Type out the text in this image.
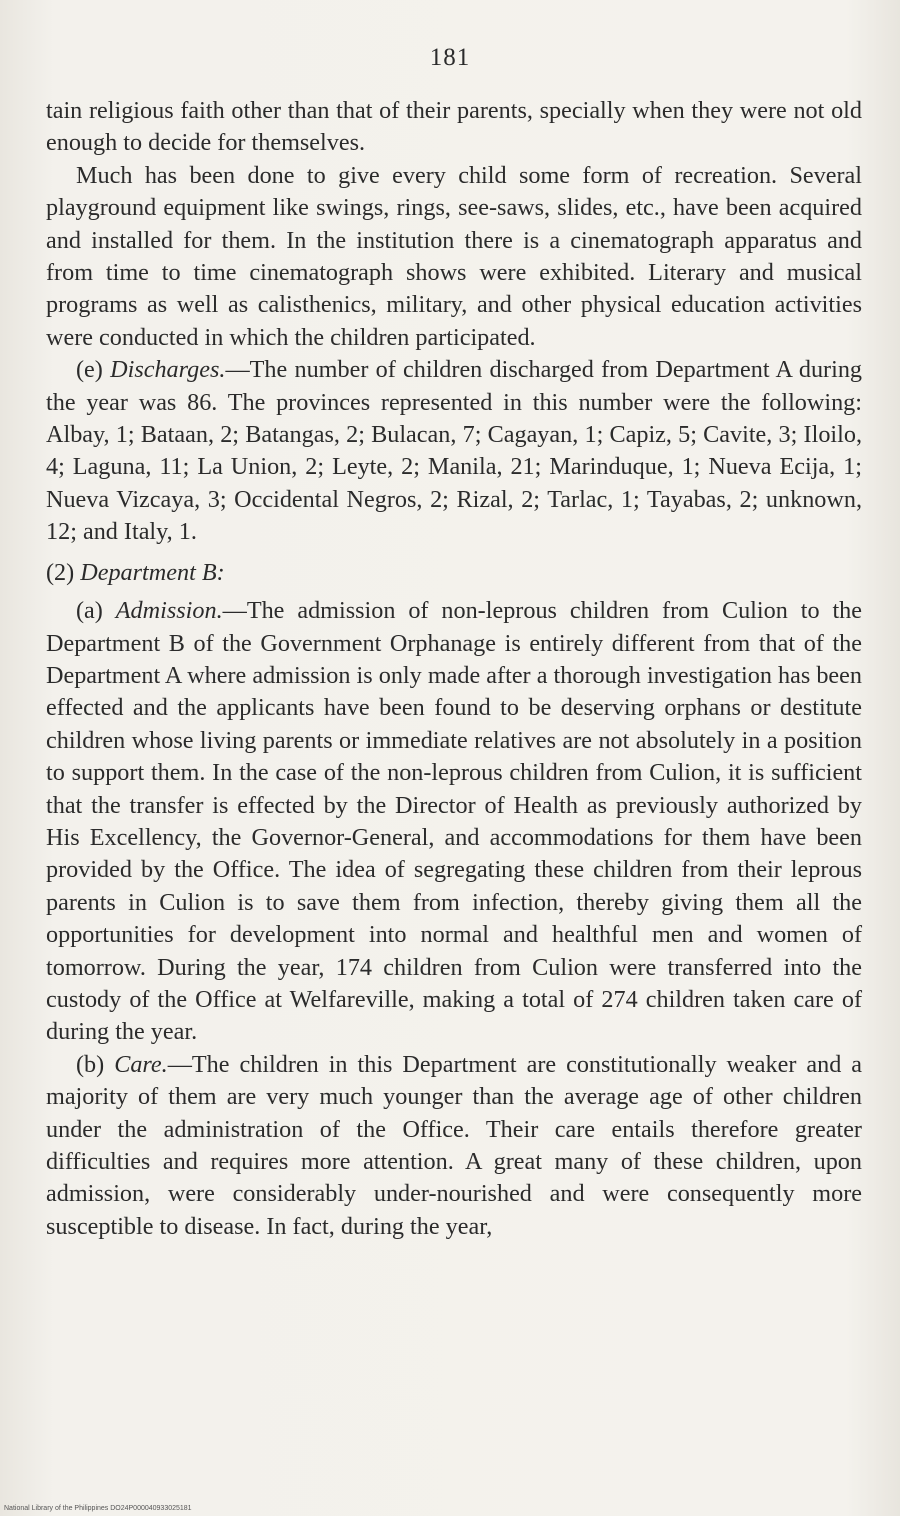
181

tain religious faith other than that of their parents, specially when they were not old enough to decide for themselves.

Much has been done to give every child some form of recreation. Several playground equipment like swings, rings, see-saws, slides, etc., have been acquired and installed for them. In the institution there is a cinematograph apparatus and from time to time cinematograph shows were exhibited. Literary and musical programs as well as calisthenics, military, and other physical education activities were conducted in which the children participated.

(e) Discharges.—The number of children discharged from Department A during the year was 86. The provinces represented in this number were the following: Albay, 1; Bataan, 2; Batangas, 2; Bulacan, 7; Cagayan, 1; Capiz, 5; Cavite, 3; Iloilo, 4; Laguna, 11; La Union, 2; Leyte, 2; Manila, 21; Marinduque, 1; Nueva Ecija, 1; Nueva Vizcaya, 3; Occidental Negros, 2; Rizal, 2; Tarlac, 1; Tayabas, 2; unknown, 12; and Italy, 1.

(2) Department B:

(a) Admission.—The admission of non-leprous children from Culion to the Department B of the Government Orphanage is entirely different from that of the Department A where admission is only made after a thorough investigation has been effected and the applicants have been found to be deserving orphans or destitute children whose living parents or immediate relatives are not absolutely in a position to support them. In the case of the non-leprous children from Culion, it is sufficient that the transfer is effected by the Director of Health as previously authorized by His Excellency, the Governor-General, and accommodations for them have been provided by the Office. The idea of segregating these children from their leprous parents in Culion is to save them from infection, thereby giving them all the opportunities for development into normal and healthful men and women of tomorrow. During the year, 174 children from Culion were transferred into the custody of the Office at Welfareville, making a total of 274 children taken care of during the year.

(b) Care.—The children in this Department are constitutionally weaker and a majority of them are very much younger than the average age of other children under the administration of the Office. Their care entails therefore greater difficulties and requires more attention. A great many of these children, upon admission, were considerably under-nourished and were consequently more susceptible to disease. In fact, during the year,

National Library of the Philippines DO24P000040933025181
